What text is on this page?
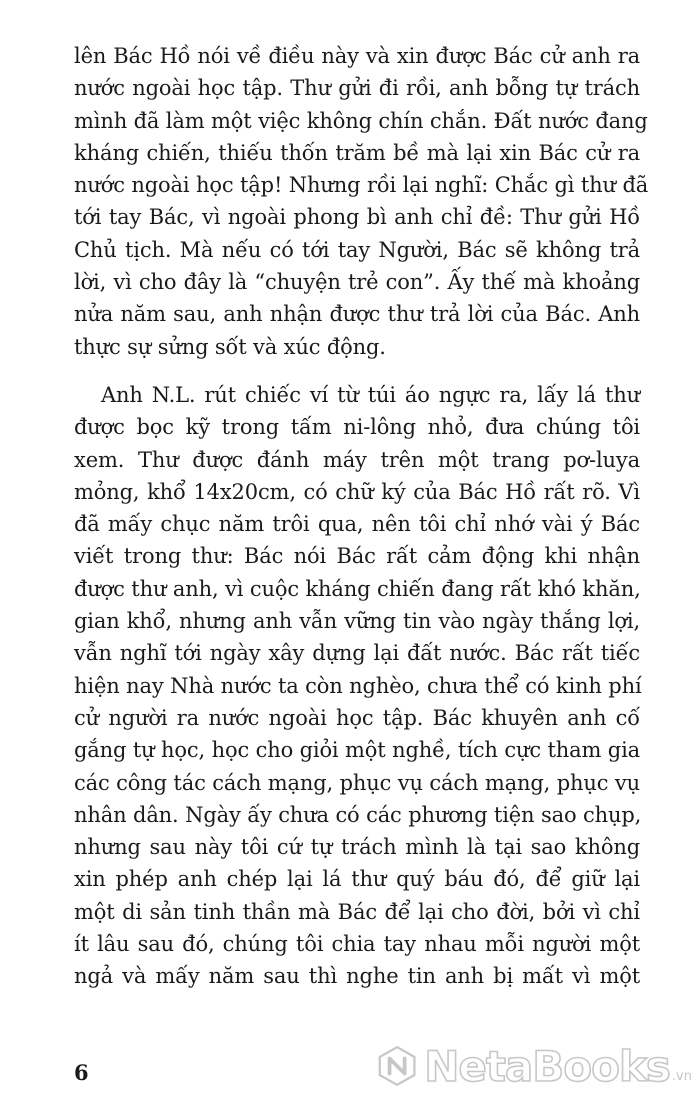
lên Bác Hồ nói về điều này và xin được Bác cử anh ra
nước ngoài học tập. Thư gửi đi rồi, anh bỗng tự trách
mình đã làm một việc không chín chắn. Đất nước đang
kháng chiến, thiếu thốn trăm bề mà lại xin Bác cử ra
nước ngoài học tập! Nhưng rồi lại nghĩ: Chắc gì thư đã
tới tay Bác, vì ngoài phong bì anh chỉ đề: Thư gửi Hồ
Chủ tịch. Mà nếu có tới tay Người, Bác sẽ không trả
lời, vì cho đây là “chuyện trẻ con”. Ấy thế mà khoảng
nửa năm sau, anh nhận được thư trả lời của Bác. Anh
thực sự sửng sốt và xúc động.
Anh N.L. rút chiếc ví từ túi áo ngực ra, lấy lá thư
được bọc kỹ trong tấm ni-lông nhỏ, đưa chúng tôi
xem. Thư được đánh máy trên một trang pơ-luya
mỏng, khổ 14x20cm, có chữ ký của Bác Hồ rất rõ. Vì
đã mấy chục năm trôi qua, nên tôi chỉ nhớ vài ý Bác
viết trong thư: Bác nói Bác rất cảm động khi nhận
được thư anh, vì cuộc kháng chiến đang rất khó khăn,
gian khổ, nhưng anh vẫn vững tin vào ngày thắng lợi,
vẫn nghĩ tới ngày xây dựng lại đất nước. Bác rất tiếc
hiện nay Nhà nước ta còn nghèo, chưa thể có kinh phí
cử người ra nước ngoài học tập. Bác khuyên anh cố
gắng tự học, học cho giỏi một nghề, tích cực tham gia
các công tác cách mạng, phục vụ cách mạng, phục vụ
nhân dân. Ngày ấy chưa có các phương tiện sao chụp,
nhưng sau này tôi cứ tự trách mình là tại sao không
xin phép anh chép lại lá thư quý báu đó, để giữ lại
một di sản tinh thần mà Bác để lại cho đời, bởi vì chỉ
ít lâu sau đó, chúng tôi chia tay nhau mỗi người một
ngả và mấy năm sau thì nghe tin anh bị mất vì một
6	NetaBooks .vn
